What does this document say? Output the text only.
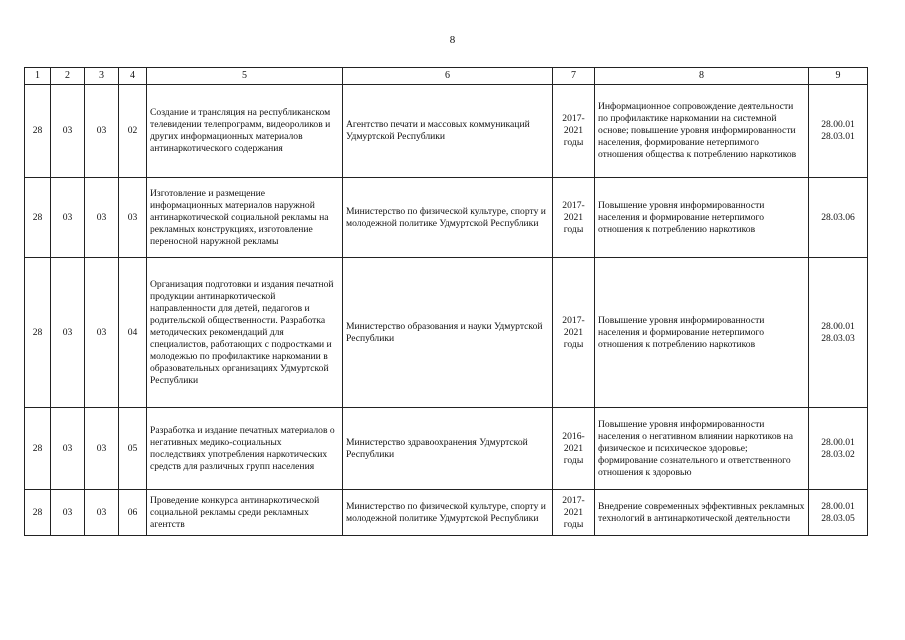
8
1	2	3	4	5	6	7	8	9
28	03	03	02	Создание и трансляция на республиканском телевидении телепрограмм, видеороликов и других информационных материалов антинаркотического содержания	Агентство печати и массовых коммуникаций Удмуртской Республики	2017-2021 годы	Информационное сопровождение деятельности по профилактике наркомании на системной основе; повышение уровня информированности населения, формирование нетерпимого отношения общества к потреблению наркотиков	28.00.01 28.03.01
28	03	03	03	Изготовление и размещение информационных материалов наружной антинаркотической социальной рекламы на рекламных конструкциях, изготовление переносной наружной рекламы	Министерство по физической культуре, спорту и молодежной политике Удмуртской Республики	2017-2021 годы	Повышение уровня информированности населения и формирование нетерпимого отношения к потреблению наркотиков	28.03.06
28	03	03	04	Организация подготовки и издания печатной продукции антинаркотической направленности для детей, педагогов и родительской общественности. Разработка методических рекомендаций для специалистов, работающих с подростками и молодежью по профилактике наркомании в образовательных организациях Удмуртской Республики	Министерство образования и науки Удмуртской Республики	2017-2021 годы	Повышение уровня информированности населения и формирование нетерпимого отношения к потреблению наркотиков	28.00.01 28.03.03
28	03	03	05	Разработка и издание печатных материалов о негативных медико-социальных последствиях употребления наркотических средств для различных групп населения	Министерство здравоохранения Удмуртской Республики	2016-2021 годы	Повышение уровня информированности населения о негативном влиянии наркотиков на физическое и психическое здоровье; формирование сознательного и ответственного отношения к здоровью	28.00.01 28.03.02
28	03	03	06	Проведение конкурса антинаркотической социальной рекламы среди рекламных агентств	Министерство по физической культуре, спорту и молодежной политике Удмуртской Республики	2017-2021 годы	Внедрение современных эффективных рекламных технологий в антинаркотической деятельности	28.00.01 28.03.05
